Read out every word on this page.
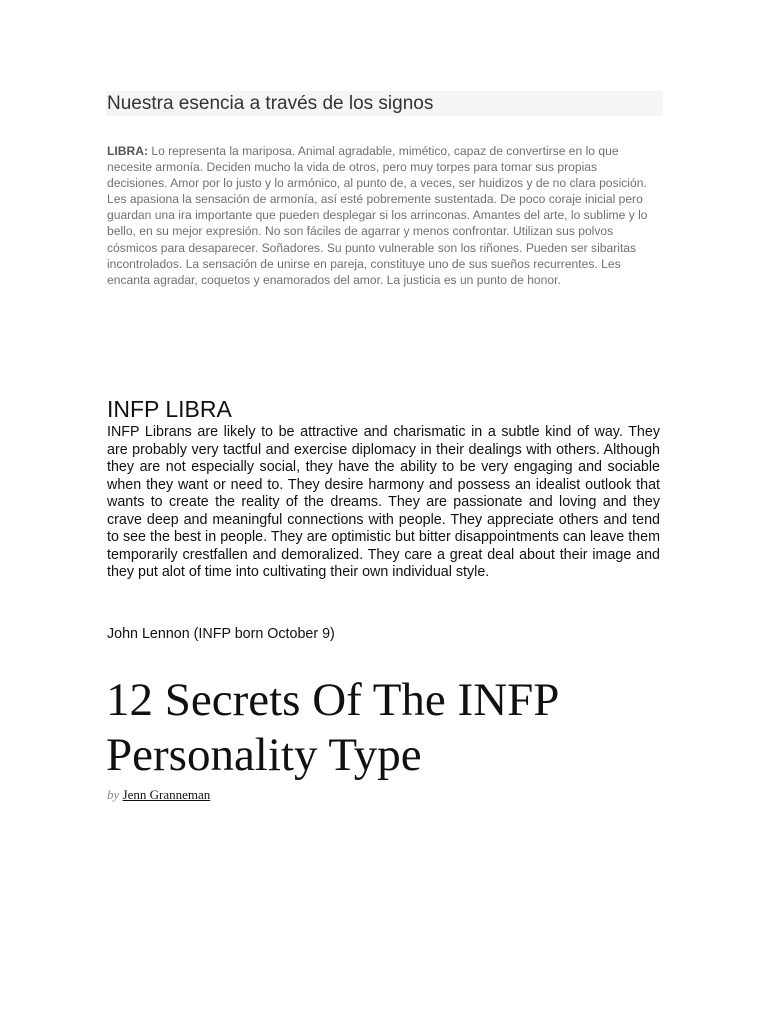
Nuestra esencia a través de los signos

LIBRA: Lo representa la mariposa. Animal agradable, mimético, capaz de convertirse en lo que necesite armonía. Deciden mucho la vida de otros, pero muy torpes para tomar sus propias decisiones. Amor por lo justo y lo armónico, al punto de, a veces, ser huidizos y de no clara posición. Les apasiona la sensación de armonía, así esté pobremente sustentada. De poco coraje inicial pero guardan una ira importante que pueden desplegar si los arrinconas. Amantes del arte, lo sublime y lo bello, en su mejor expresión. No son fáciles de agarrar y menos confrontar. Utilizan sus polvos cósmicos para desaparecer. Soñadores. Su punto vulnerable son los riñones. Pueden ser sibaritas incontrolados. La sensación de unirse en pareja, constituye uno de sus sueños recurrentes. Les encanta agradar, coquetos y enamorados del amor. La justicia es un punto de honor.

INFP LIBRA

INFP Librans are likely to be attractive and charismatic in a subtle kind of way. They are probably very tactful and exercise diplomacy in their dealings with others. Although they are not especially social, they have the ability to be very engaging and sociable when they want or need to. They desire harmony and possess an idealist outlook that wants to create the reality of the dreams. They are passionate and loving and they crave deep and meaningful connections with people. They appreciate others and tend to see the best in people. They are optimistic but bitter disappointments can leave them temporarily crestfallen and demoralized. They care a great deal about their image and they put alot of time into cultivating their own individual style.

John Lennon (INFP born October 9)

12 Secrets Of The INFP Personality Type

by Jenn Granneman
